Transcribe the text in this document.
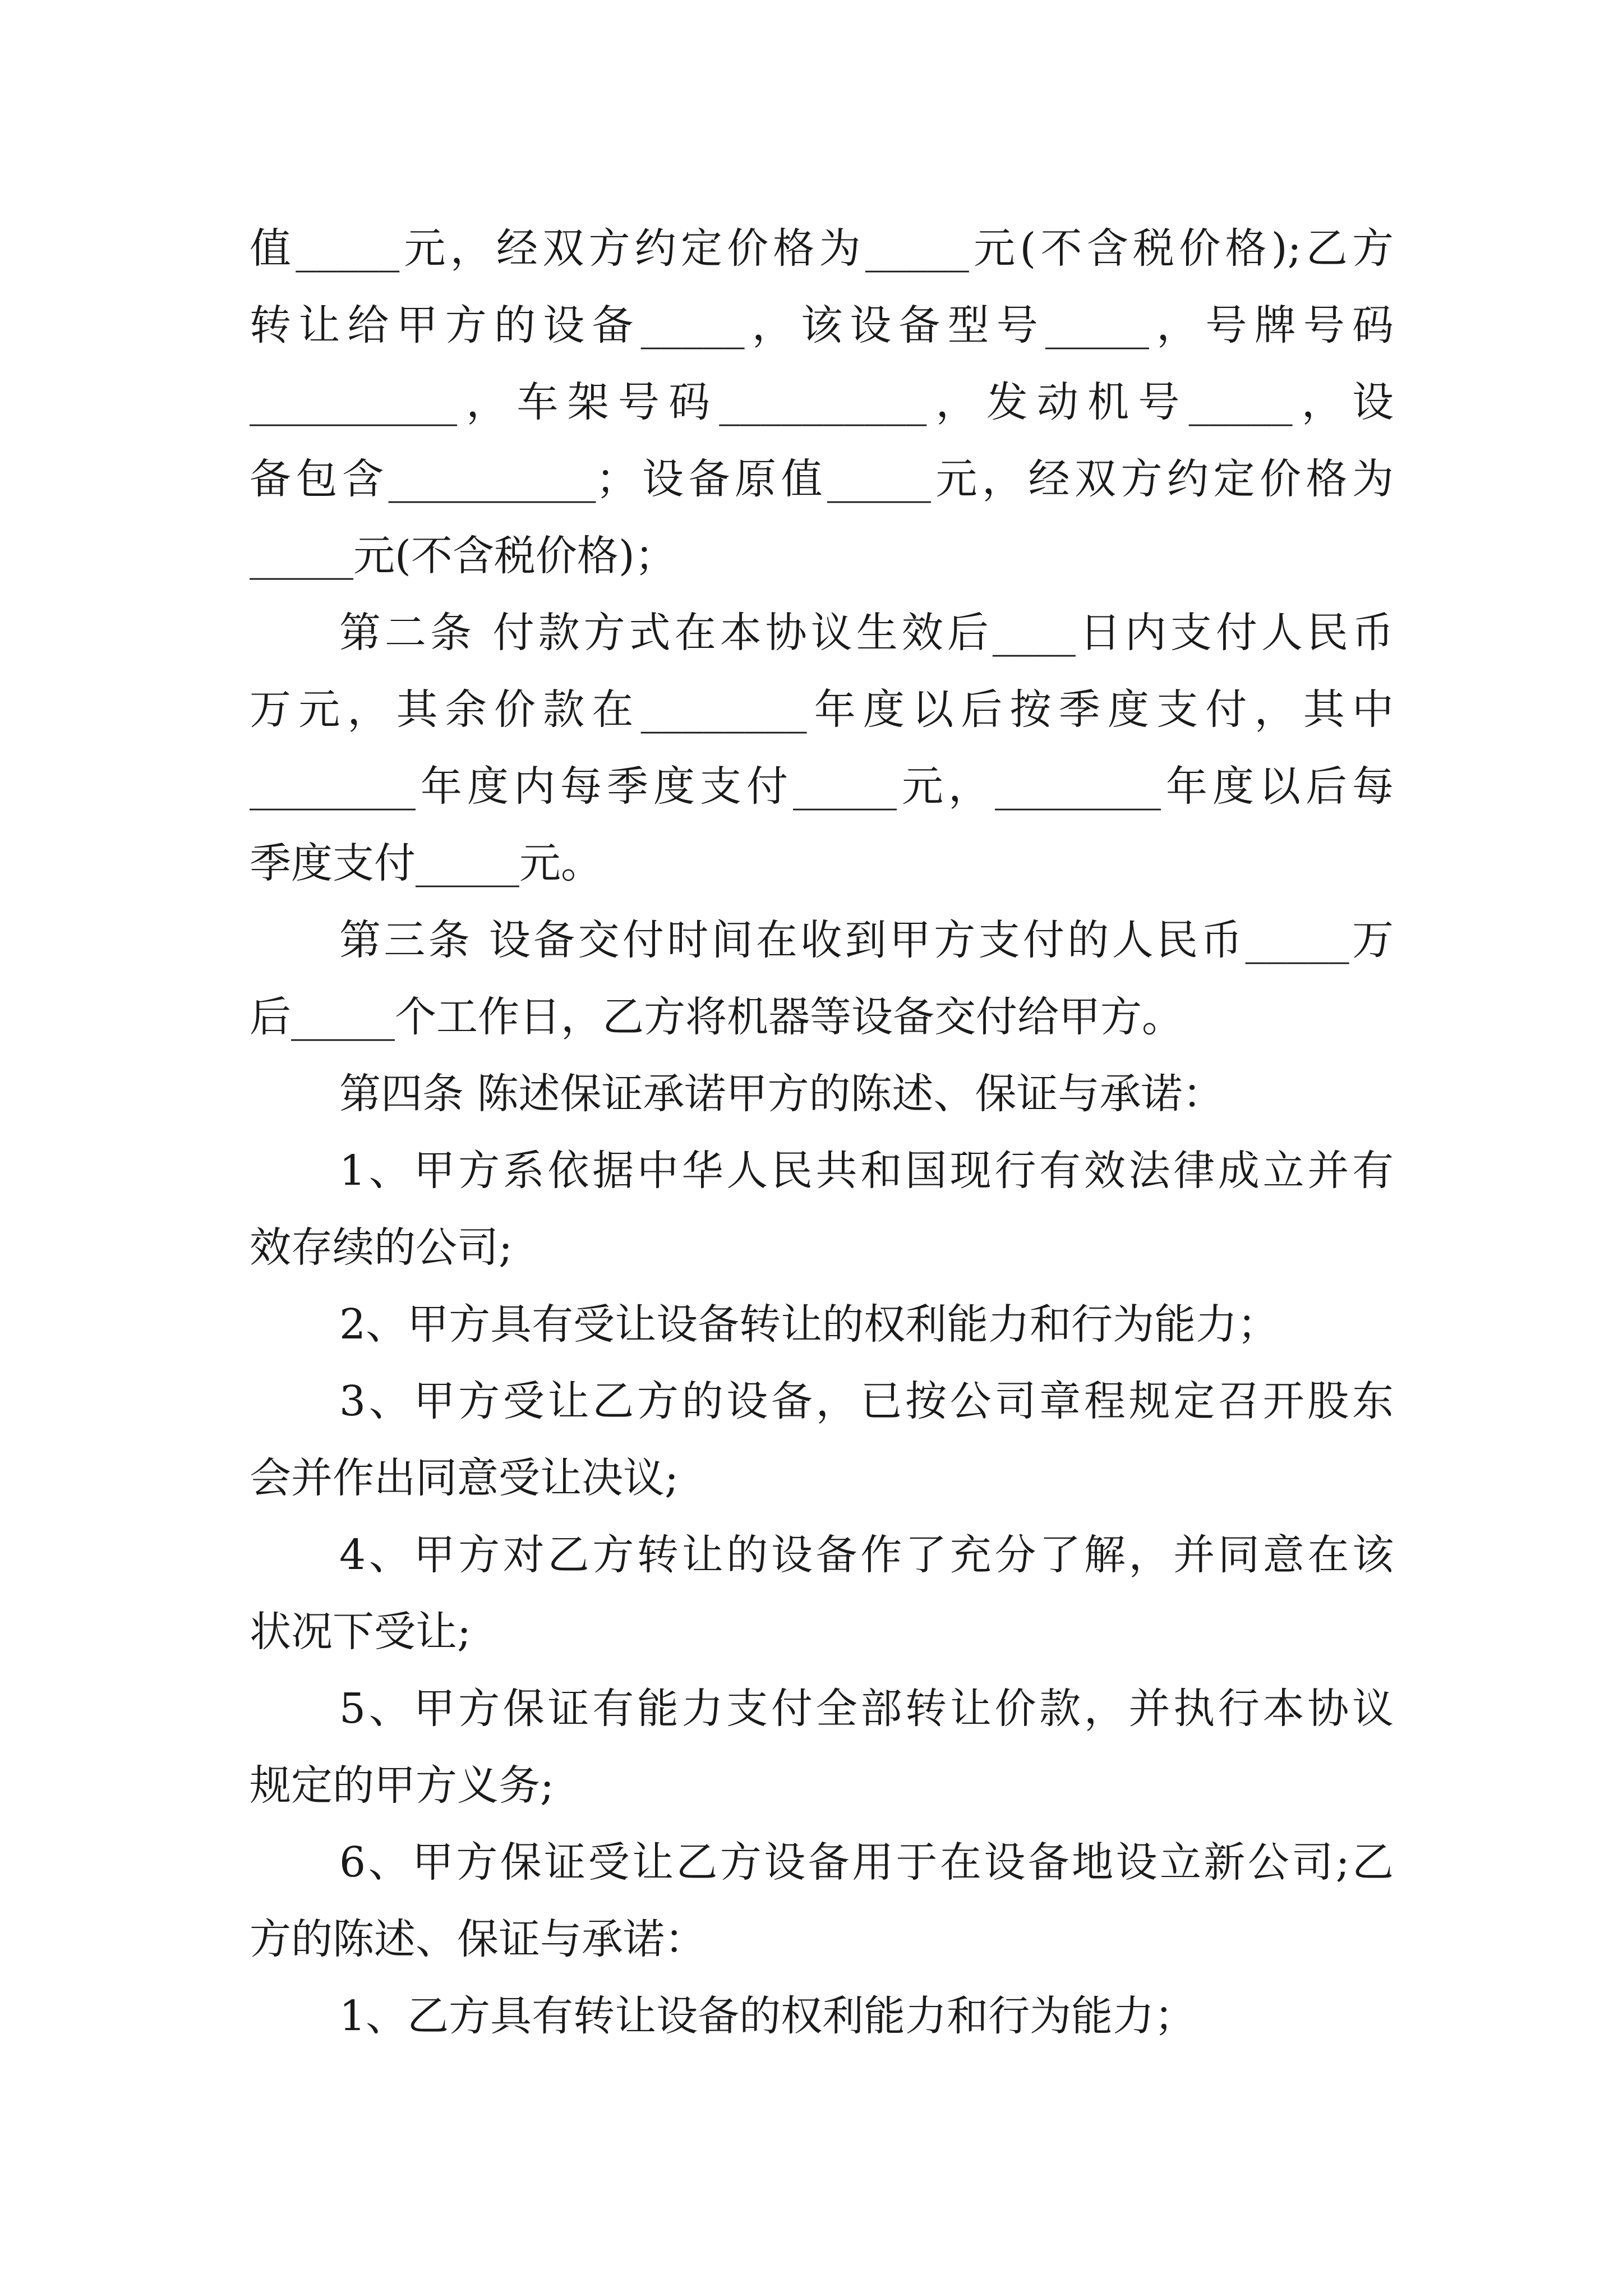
值_____元，经双方约定价格为_____元(不含税价格);乙方
转让给甲方的设备_____，该设备型号_____，号牌号码
__________，车架号码__________，发动机号_____，设
备包含__________；设备原值_____元，经双方约定价格为
_____元(不含税价格)；
第二条 付款方式在本协议生效后____日内支付人民币
万元，其余价款在________年度以后按季度支付，其中
________年度内每季度支付_____元，________年度以后每
季度支付_____元。
第三条 设备交付时间在收到甲方支付的人民币_____万
后_____个工作日，乙方将机器等设备交付给甲方。
第四条 陈述保证承诺甲方的陈述、保证与承诺：
1、甲方系依据中华人民共和国现行有效法律成立并有
效存续的公司;
2、甲方具有受让设备转让的权利能力和行为能力；
3、甲方受让乙方的设备，已按公司章程规定召开股东
会并作出同意受让决议;
4、甲方对乙方转让的设备作了充分了解，并同意在该
状况下受让;
5、甲方保证有能力支付全部转让价款，并执行本协议
规定的甲方义务;
6、甲方保证受让乙方设备用于在设备地设立新公司;乙
方的陈述、保证与承诺：
1、乙方具有转让设备的权利能力和行为能力；
